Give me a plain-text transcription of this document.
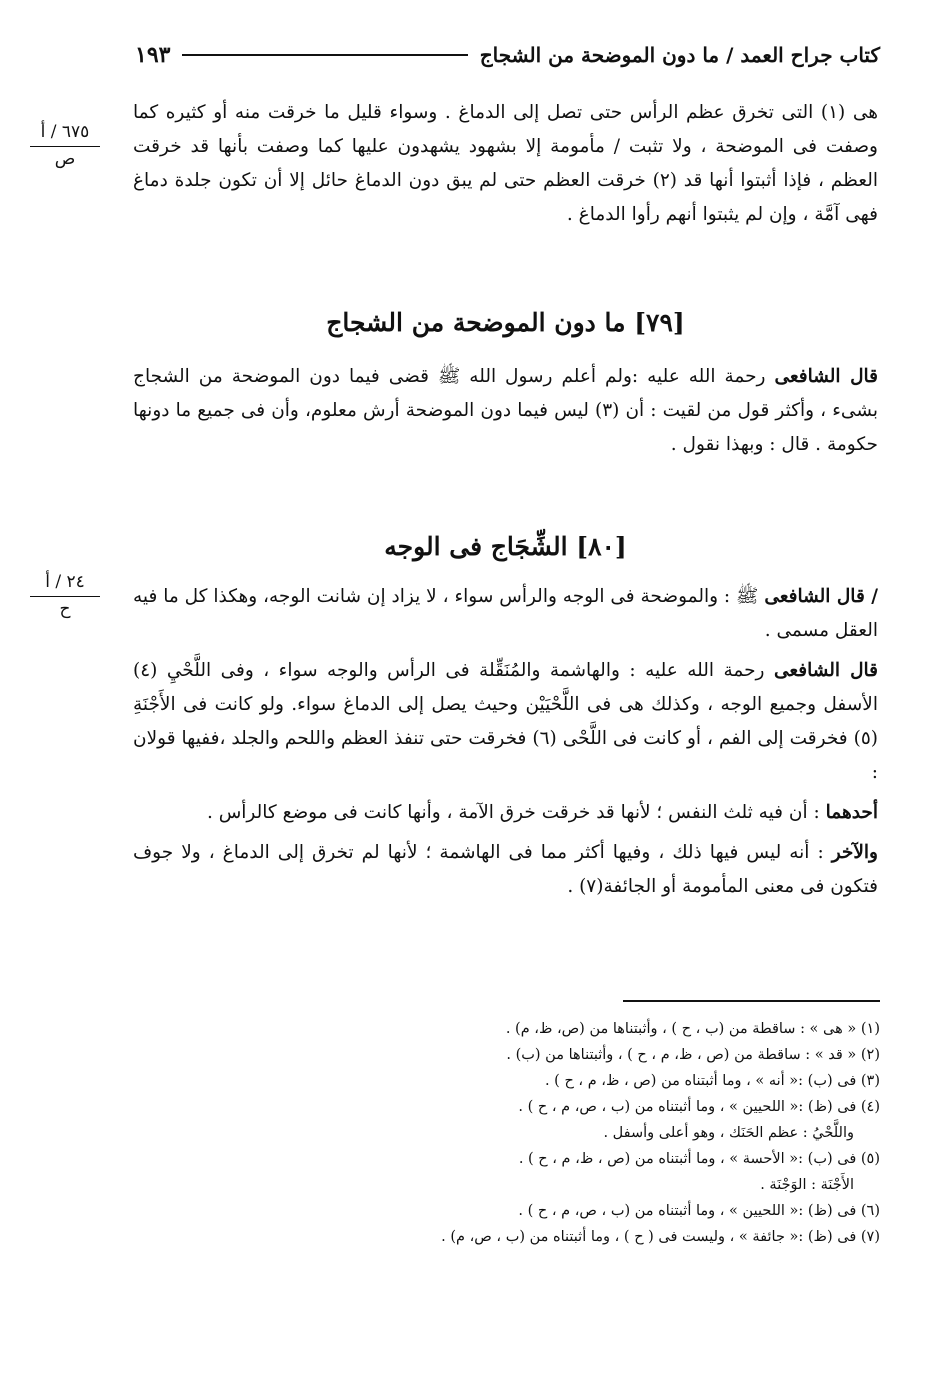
كتاب جراح العمد / ما دون الموضحة من الشجاج
١٩٣
٦٧٥ / أ
ص
٢٤ / أ
ح

هى (١) التى تخرق عظم الرأس حتى تصل إلى الدماغ . وسواء قليل ما خرقت منه أو كثيره كما وصفت فى الموضحة ، ولا تثبت / مأمومة إلا بشهود يشهدون عليها كما وصفت بأنها قد خرقت العظم ، فإذا أثبتوا أنها قد (٢) خرقت العظم حتى لم يبق دون الدماغ حائل إلا أن تكون جلدة دماغ فهى آمَّة ، وإن لم يثبتوا أنهم رأوا الدماغ .

[٧٩] ما دون الموضحة من الشجاج

قال الشافعى رحمة الله عليه :ولم أعلم رسول الله ﷺ قضى فيما دون الموضحة من الشجاج بشىء ، وأكثر قول من لقيت : أن (٣) ليس فيما دون الموضحة أرش معلوم، وأن فى جميع ما دونها حكومة . قال : وبهذا نقول .

[٨٠] الشِّجَاج فى الوجه

/ قال الشافعى ﷺ : والموضحة فى الوجه والرأس سواء ، لا يزاد إن شانت الوجه، وهكذا كل ما فيه العقل مسمى .

قال الشافعى رحمة الله عليه : والهاشمة والمُنَقِّلة فى الرأس والوجه سواء ، وفى اللَّحْيِ (٤) الأسفل وجميع الوجه ، وكذلك هى فى اللَّحْيَيْن وحيث يصل إلى الدماغ سواء. ولو كانت فى الأَجْنَةِ (٥) فخرقت إلى الفم ، أو كانت فى اللَّحْى (٦) فخرقت حتى تنفذ العظم واللحم والجلد ،ففيها قولان :

أحدهما : أن فيه ثلث النفس ؛ لأنها قد خرقت خرق الآمة ، وأنها كانت فى موضع كالرأس .

والآخر : أنه ليس فيها ذلك ، وفيها أكثر مما فى الهاشمة ؛ لأنها لم تخرق إلى الدماغ ، ولا جوف فتكون فى معنى المأمومة أو الجائفة(٧) .

(١) « هى » : ساقطة من (ب ، ح ) ، وأثبتناها من (ص، ظ، م) .
(٢) « قد » : ساقطة من (ص ، ظ، م ، ح ) ، وأثبتناها من (ب) .
(٣) فى (ب) :« أنه » ، وما أثبتناه من (ص ، ظ، م ، ح ) .
(٤) فى (ظ) :« اللحيين » ، وما أثبتناه من (ب ، ص، م ، ح ) .
واللَّحْيُ : عظم الحَنَك ، وهو أعلى وأسفل .
(٥) فى (ب) :« الأحسة » ، وما أثبتناه من (ص ، ظ، م ، ح ) .
الأَجْنَة : الوَجْنَة .
(٦) فى (ظ) :« اللحيين » ، وما أثبتناه من (ب ، ص، م ، ح ) .
(٧) فى (ظ) :« جائفة » ، وليست فى ( ح ) ، وما أثبتناه من (ب ، ص، م) .
